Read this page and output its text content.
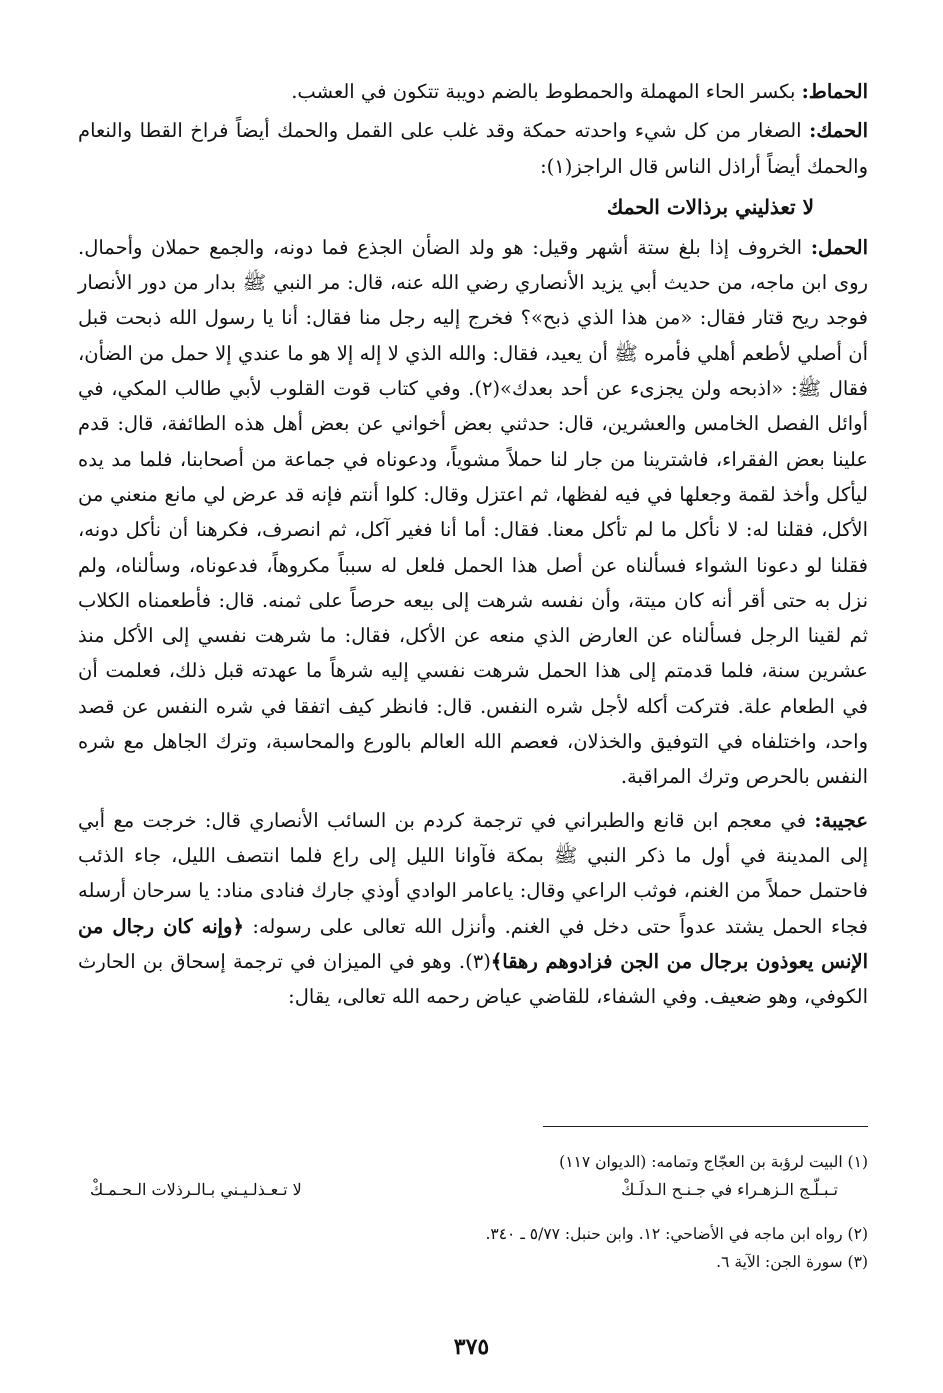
الحماط: بكسر الحاء المهملة والحمطوط بالضم دويبة تتكون في العشب.

الحمك: الصغار من كل شيء واحدته حمكة وقد غلب على القمل والحمك أيضاً فراخ القطا والنعام والحمك أيضاً أراذل الناس قال الراجز(١):

لا تعذليني برذالات الحمك

الحمل: الخروف إذا بلغ ستة أشهر وقيل: هو ولد الضأن الجذع فما دونه، والجمع حملان وأحمال. روى ابن ماجه، من حديث أبي يزيد الأنصاري رضي الله عنه، قال: مر النبي ﷺ بدار من دور الأنصار فوجد ريح قتار فقال: «من هذا الذي ذبح»؟ فخرج إليه رجل منا فقال: أنا يا رسول الله ذبحت قبل أن أصلي لأطعم أهلي فأمره ﷺ أن يعيد، فقال: والله الذي لا إله إلا هو ما عندي إلا حمل من الضأن، فقال ﷺ: «اذبحه ولن يجزىء عن أحد بعدك»(٢). وفي كتاب قوت القلوب لأبي طالب المكي، في أوائل الفصل الخامس والعشرين، قال: حدثني بعض أخواني عن بعض أهل هذه الطائفة، قال: قدم علينا بعض الفقراء، فاشترينا من جار لنا حملاً مشوياً، ودعوناه في جماعة من أصحابنا، فلما مد يده ليأكل وأخذ لقمة وجعلها في فيه لفظها، ثم اعتزل وقال: كلوا أنتم فإنه قد عرض لي مانع منعني من الأكل، فقلنا له: لا نأكل ما لم تأكل معنا. فقال: أما أنا فغير آكل، ثم انصرف، فكرهنا أن نأكل دونه، فقلنا لو دعونا الشواء فسألناه عن أصل هذا الحمل فلعل له سبباً مكروهاً، فدعوناه، وسألناه، ولم نزل به حتى أقر أنه كان ميتة، وأن نفسه شرهت إلى بيعه حرصاً على ثمنه. قال: فأطعمناه الكلاب ثم لقينا الرجل فسألناه عن العارض الذي منعه عن الأكل، فقال: ما شرهت نفسي إلى الأكل منذ عشرين سنة، فلما قدمتم إلى هذا الحمل شرهت نفسي إليه شرهاً ما عهدته قبل ذلك، فعلمت أن في الطعام علة. فتركت أكله لأجل شره النفس. قال: فانظر كيف اتفقا في شره النفس عن قصد واحد، واختلفاه في التوفيق والخذلان، فعصم الله العالم بالورع والمحاسبة، وترك الجاهل مع شره النفس بالحرص وترك المراقبة.

عجيبة: في معجم ابن قانع والطبراني في ترجمة كردم بن السائب الأنصاري قال: خرجت مع أبي إلى المدينة في أول ما ذكر النبي ﷺ بمكة فآوانا الليل إلى راع فلما انتصف الليل، جاء الذئب فاحتمل حملاً من الغنم، فوثب الراعي وقال: ياعامر الوادي أوذي جارك فنادى مناد: يا سرحان أرسله فجاء الحمل يشتد عدواً حتى دخل في الغنم. وأنزل الله تعالى على رسوله: ﴿وإنه كان رجال من الإنس يعوذون برجال من الجن فزادوهم رهقا﴾(٣). وهو في الميزان في ترجمة إسحاق بن الحارث الكوفي، وهو ضعيف. وفي الشفاء، للقاضي عياض رحمه الله تعالى، يقال:

(١) البيت لرؤبة بن العجّاج وتمامه: (الديوان ١١٧)
تـبـلّـج الـزهـراء في جـنـح الـدلَـكْ
لا تـعـذلـيـني بـالـرذلات الـحـمـكْ
(٢) رواه ابن ماجه في الأضاحي: ١٢. وابن حنبل: ٥/٧٧ ـ ٣٤٠.
(٣) سورة الجن: الآية ٦.
٣٧٥
